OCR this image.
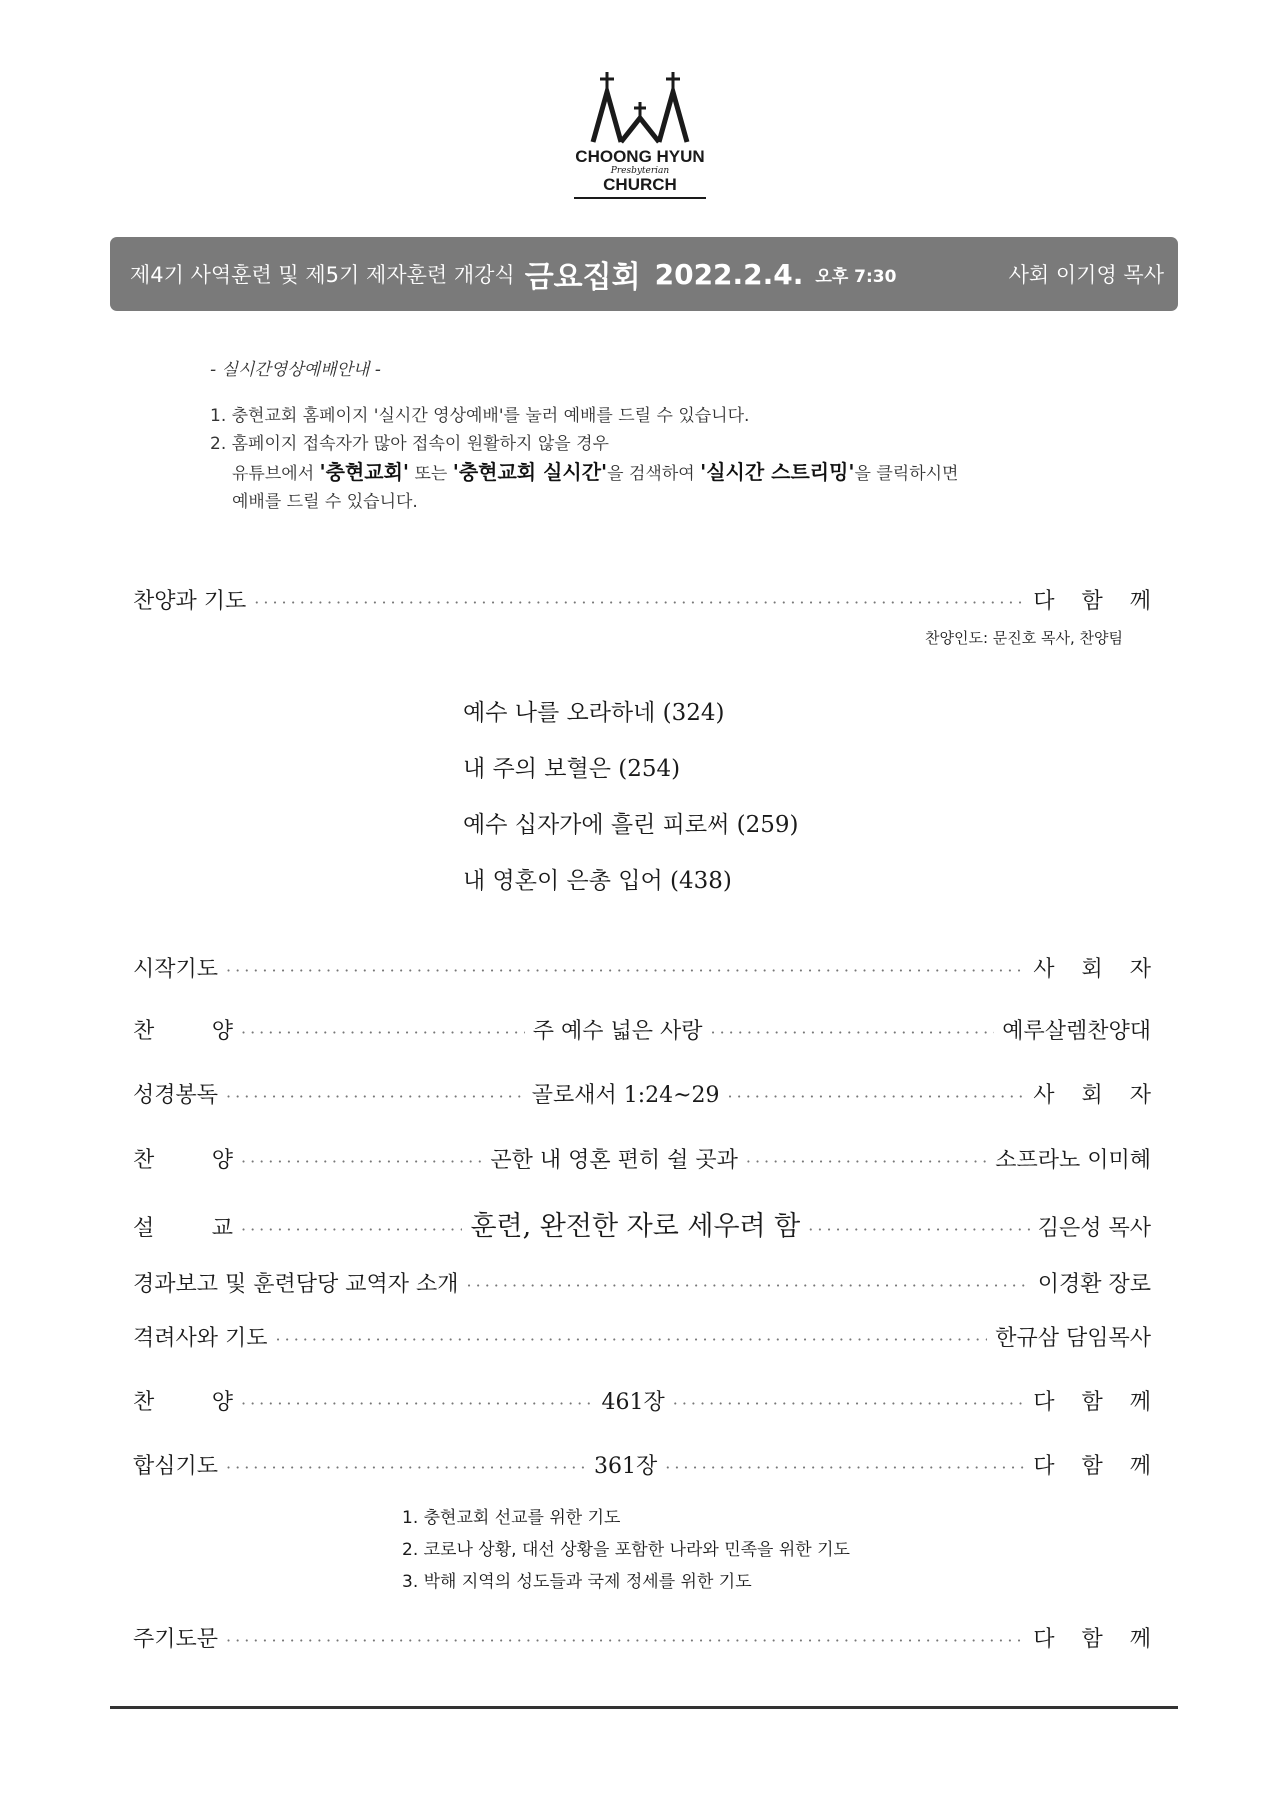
CHOONG HYUN
Presbyterian
CHURCH
제4기 사역훈련 및 제5기 제자훈련 개강식 금요집회 2022.2.4. 오후 7:30	사회 이기영 목사
- 실시간영상예배안내 -
1. 충현교회 홈페이지 '실시간 영상예배'를 눌러 예배를 드릴 수 있습니다.
2. 홈페이지 접속자가 많아 접속이 원활하지 않을 경우
유튜브에서 '충현교회' 또는 '충현교회 실시간'을 검색하여 '실시간 스트리밍'을 클릭하시면
예배를 드릴 수 있습니다.
찬양과 기도 ·····	다 함 께
찬양인도: 문진호 목사, 찬양팀
예수 나를 오라하네 (324)
내 주의 보혈은 (254)
예수 십자가에 흘린 피로써 (259)
내 영혼이 은총 입어 (438)
시작기도 ·····	사 회 자
찬	양 ·····	주 예수 넓은 사랑 ·····	예루살렘찬양대
성경봉독 ·····	골로새서 1:24~29 ·····	사 회 자
찬	양 ·····	곤한 내 영혼 편히 쉴 곳과 ·····	소프라노 이미혜
설	교 ·····	훈련, 완전한 자로 세우려 함 ·····	김은성 목사
경과보고 및 훈련담당 교역자 소개 ·····	이경환 장로
격려사와 기도 ·····	한규삼 담임목사
찬	양 ·····	461장 ·····	다 함 께
합심기도 ·····	361장 ·····	다 함 께
1. 충현교회 선교를 위한 기도
2. 코로나 상황, 대선 상황을 포함한 나라와 민족을 위한 기도
3. 박해 지역의 성도들과 국제 정세를 위한 기도
주기도문 ·····	다 함 께
